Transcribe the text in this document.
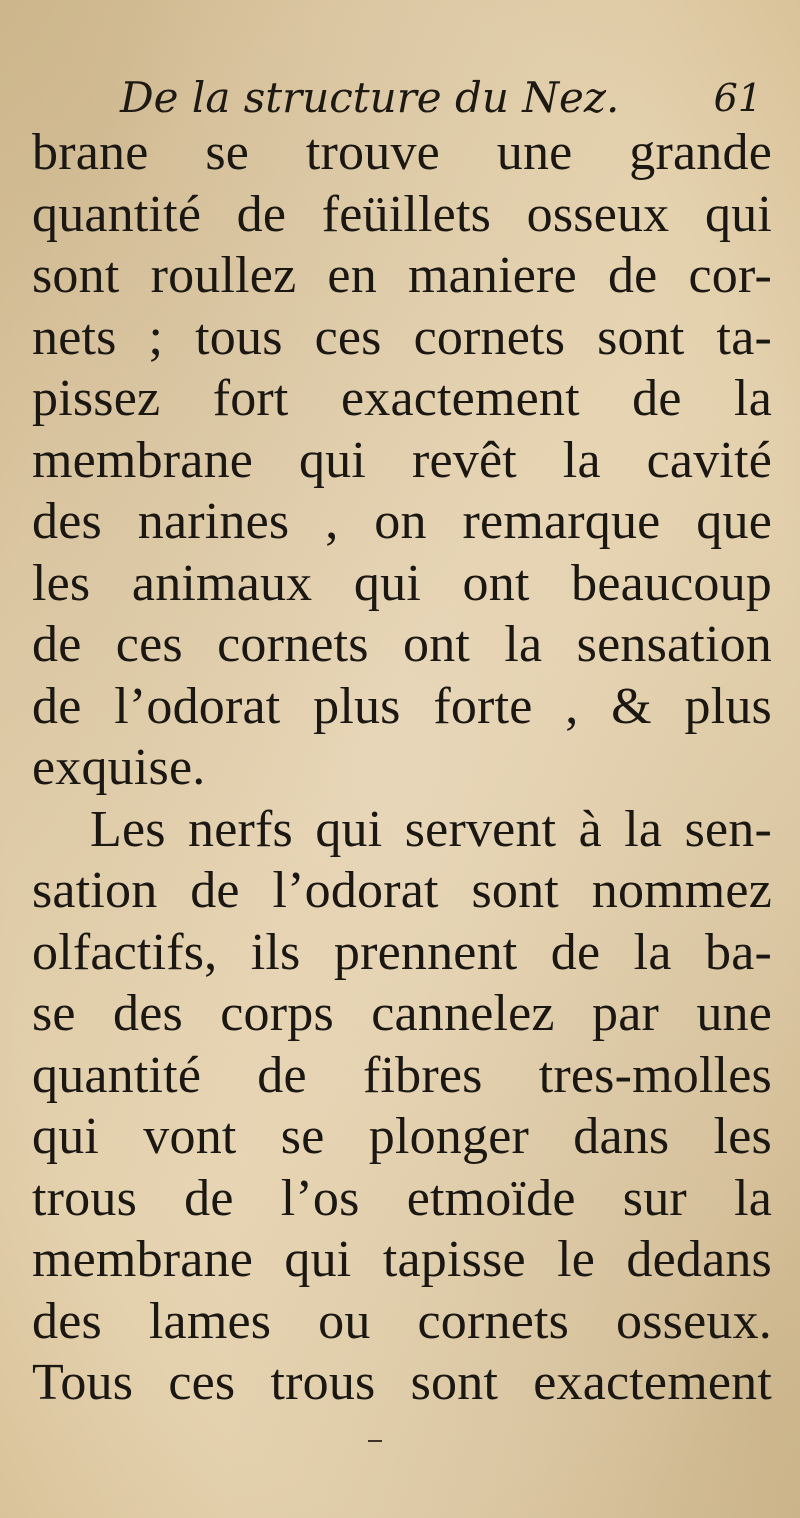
De la structure du Nez.	61
brane se trouve une grande
quantité de feüillets osseux qui
sont roullez en maniere de cor-
nets ; tous ces cornets sont ta-
pissez fort exactement de la
membrane qui revêt la cavité
des narines , on remarque que
les animaux qui ont beaucoup
de ces cornets ont la sensation
de l’odorat plus forte , & plus
exquise.
Les nerfs qui servent à la sen-
sation de l’odorat sont nommez
olfactifs, ils prennent de la ba-
se des corps cannelez par une
quantité de fibres tres-molles
qui vont se plonger dans les
trous de l’os etmoïde sur la
membrane qui tapisse le dedans
des lames ou cornets osseux.
Tous ces trous sont exactement
